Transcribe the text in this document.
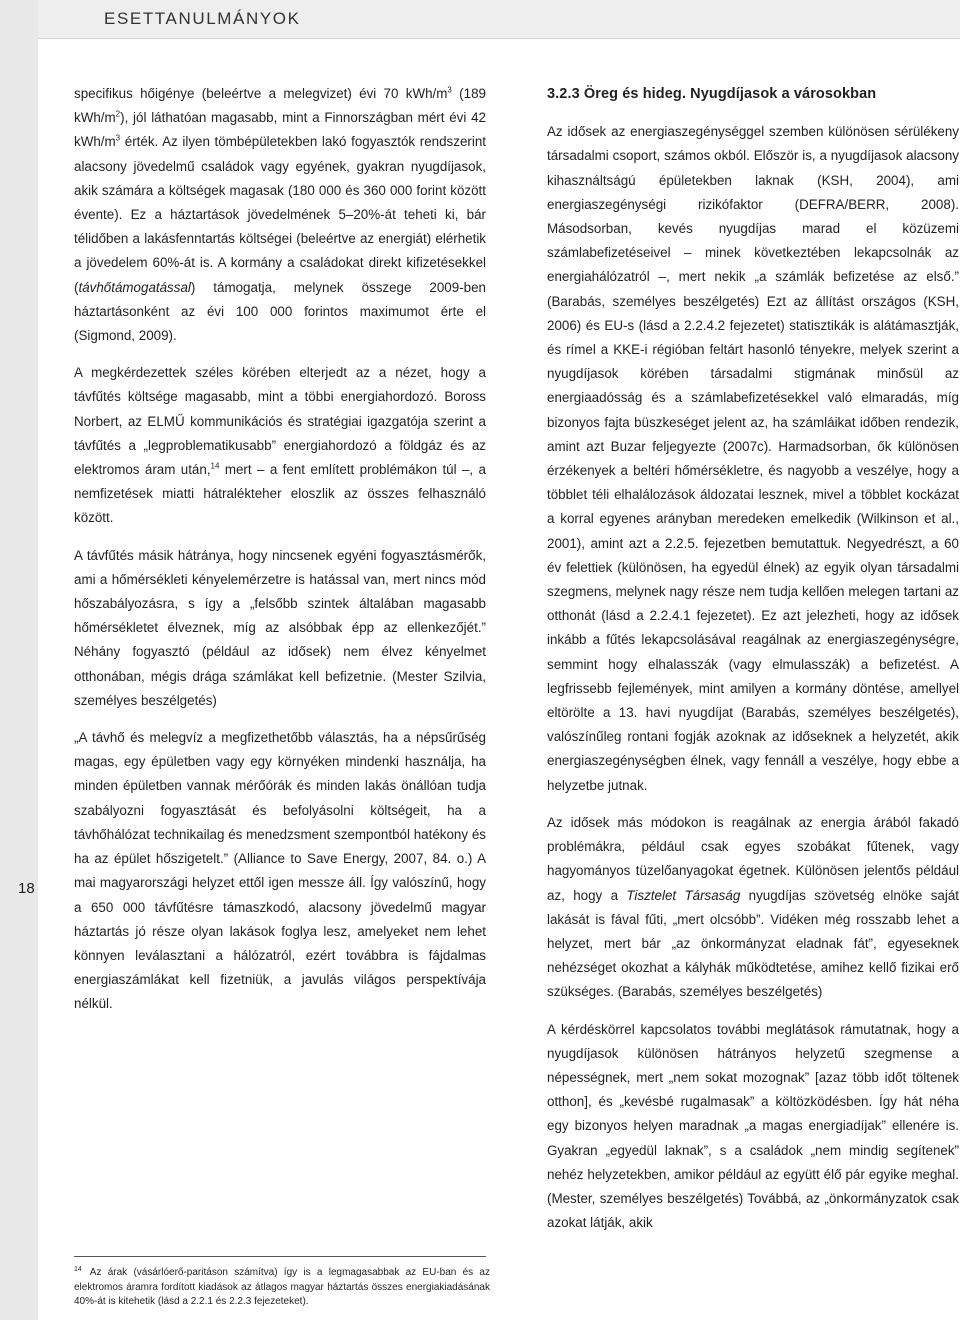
ESETTANULMÁNYOK
18

specifikus hőigénye (beleértve a melegvizet) évi 70 kWh/$m^3$ (189 kWh/$m^2$), jól láthatóan magasabb, mint a Finnországban mért évi 42 kWh/$m^3$ érték. Az ilyen tömbépületekben lakó fogyasztók rendszerint alacsony jövedelmű családok vagy egyének, gyakran nyugdíjasok, akik számára a költségek magasak (180 000 és 360 000 forint között évente). Ez a háztartások jövedelmének 5–20%-át teheti ki, bár télidőben a lakásfenntartás költségei (beleértve az energiát) elérhetik a jövedelem 60%-át is. A kormány a családokat direkt kifizetésekkel (távhőtámogatással) támogatja, melynek összege 2009-ben háztartásonként az évi 100 000 forintos maximumot érte el (Sigmond, 2009).

A megkérdezettek széles körében elterjedt az a nézet, hogy a távfűtés költsége magasabb, mint a többi energiahordozó. Boross Norbert, az ELMŰ kommunikációs és stratégiai igazgatója szerint a távfűtés a „legproblematikusabb” energiahordozó a földgáz és az elektromos áram után,$^{14}$ mert – a fent említett problémákon túl –, a nemfizetések miatti hátralékteher eloszlik az összes felhasználó között.

A távfűtés másik hátránya, hogy nincsenek egyéni fogyasztásmérők, ami a hőmérsékleti kényelemérzetre is hatással van, mert nincs mód hőszabályozásra, s így a „felsőbb szintek általában magasabb hőmérsékletet élveznek, míg az alsóbbak épp az ellenkezőjét.” Néhány fogyasztó (például az idősek) nem élvez kényelmet otthonában, mégis drága számlákat kell befizetnie. (Mester Szilvia, személyes beszélgetés)

„A távhő és melegvíz a megfizethetőbb választás, ha a népsűrűség magas, egy épületben vagy egy környéken mindenki használja, ha minden épületben vannak mérőórák és minden lakás önállóan tudja szabályozni fogyasztását és befolyásolni költségeit, ha a távhőhálózat technikailag és menedzsment szempontból hatékony és ha az épület hőszigetelt.” (Alliance to Save Energy, 2007, 84. o.) A mai magyarországi helyzet ettől igen messze áll. Így valószínű, hogy a 650 000 távfűtésre támaszkodó, alacsony jövedelmű magyar háztartás jó része olyan lakások foglya lesz, amelyeket nem lehet könnyen leválasztani a hálózatról, ezért továbbra is fájdalmas energiaszámlákat kell fizetniük, a javulás világos perspektívája nélkül.

3.2.3 Öreg és hideg. Nyugdíjasok a városokban

Az idősek az energiaszegénységgel szemben különösen sérülékeny társadalmi csoport, számos okból. Először is, a nyugdíjasok alacsony kihasználtságú épületekben laknak (KSH, 2004), ami energiaszegénységi rizikófaktor (DEFRA/BERR, 2008). Másodsorban, kevés nyugdíjas marad el közüzemi számlabefizetéseivel – minek következtében lekapcsolnák az energiahálózatról –, mert nekik „a számlák befizetése az első.” (Barabás, személyes beszélgetés) Ezt az állítást országos (KSH, 2006) és EU-s (lásd a 2.2.4.2 fejezetet) statisztikák is alátámasztják, és rímel a KKE-i régióban feltárt hasonló tényekre, melyek szerint a nyugdíjasok körében társadalmi stigmának minősül az energiaadósság és a számlabefizetésekkel való elmaradás, míg bizonyos fajta büszkeséget jelent az, ha számláikat időben rendezik, amint azt Buzar feljegyezte (2007c). Harmadsorban, ők különösen érzékenyek a beltéri hőmérsékletre, és nagyobb a veszélye, hogy a többlet téli elhalálozások áldozatai lesznek, mivel a többlet kockázat a korral egyenes arányban meredeken emelkedik (Wilkinson et al., 2001), amint azt a 2.2.5. fejezetben bemutattuk. Negyedrészt, a 60 év felettiek (különösen, ha egyedül élnek) az egyik olyan társadalmi szegmens, melynek nagy része nem tudja kellően melegen tartani az otthonát (lásd a 2.2.4.1 fejezetet). Ez azt jelezheti, hogy az idősek inkább a fűtés lekapcsolásával reagálnak az energiaszegénységre, semmint hogy elhalasszák (vagy elmulasszák) a befizetést. A legfrissebb fejlemények, mint amilyen a kormány döntése, amellyel eltörölte a 13. havi nyugdíjat (Barabás, személyes beszélgetés), valószínűleg rontani fogják azoknak az időseknek a helyzetét, akik energiaszegénységben élnek, vagy fennáll a veszélye, hogy ebbe a helyzetbe jutnak.

Az idősek más módokon is reagálnak az energia árából fakadó problémákra, például csak egyes szobákat fűtenek, vagy hagyományos tüzelőanyagokat égetnek. Különösen jelentős például az, hogy a Tisztelet Társaság nyugdíjas szövetség elnöke saját lakását is fával fűti, „mert olcsóbb”. Vidéken még rosszabb lehet a helyzet, mert bár „az önkormányzat eladnak fát”, egyeseknek nehézséget okozhat a kályhák működtetése, amihez kellő fizikai erő szükséges. (Barabás, személyes beszélgetés)

A kérdéskörrel kapcsolatos további meglátások rámutatnak, hogy a nyugdíjasok különösen hátrányos helyzetű szegmense a népességnek, mert „nem sokat mozognak” [azaz több időt töltenek otthon], és „kevésbé rugalmasak” a költözködésben. Így hát néha egy bizonyos helyen maradnak „a magas energiadíjak” ellenére is. Gyakran „egyedül laknak”, s a családok „nem mindig segítenek” nehéz helyzetekben, amikor például az együtt élő pár egyike meghal. (Mester, személyes beszélgetés) Továbbá, az „önkormányzatok csak azokat látják, akik

$^{14}$ Az árak (vásárlóerő-paritáson számítva) így is a legmagasabbak az EU-ban és az elektromos áramra fordított kiadások az átlagos magyar háztartás összes energiakiadásának 40%-át is kitehetik (lásd a 2.2.1 és 2.2.3 fejezeteket).
